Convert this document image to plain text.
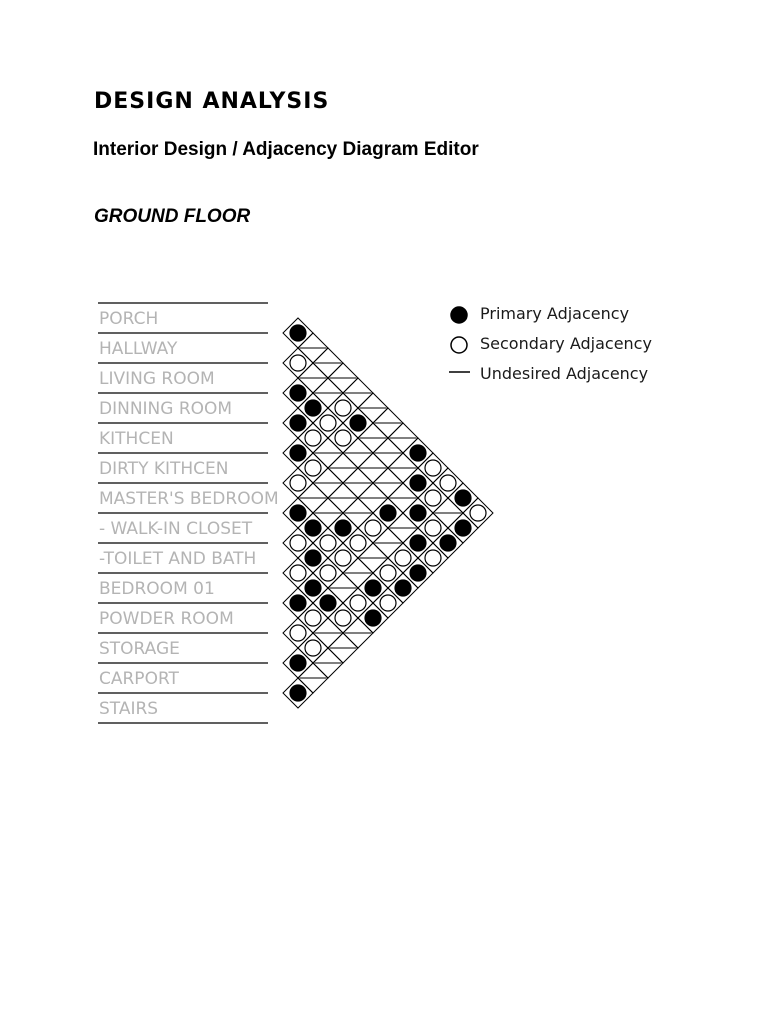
DESIGN ANALYSIS
Interior Design / Adjacency Diagram Editor
GROUND FLOOR
PORCH
HALLWAY
LIVING ROOM
DINNING ROOM
KITHCEN
DIRTY KITHCEN
MASTER'S BEDROOM
- WALK-IN CLOSET
-TOILET AND BATH
BEDROOM 01
POWDER ROOM
STORAGE
CARPORT
STAIRS
Primary Adjacency
Secondary Adjacency
Undesired Adjacency
